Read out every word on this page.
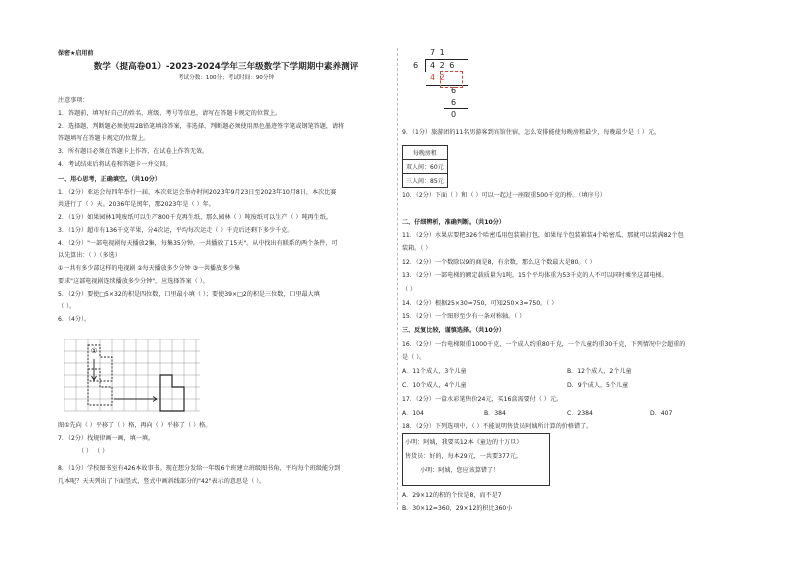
保密★启用前
数学（提高卷01）-2023-2024学年三年级数学下学期期中素养测评
考试分数：100分；考试时间：90分钟
注意事项：
1．答题前，填写好自己的姓名、班级、考号等信息，请写在答题卡规定的位置上。
2．选择题、判断题必须使用2B铅笔填涂答案，非选择、判断题必须使用黑色墨迹签字笔或钢笔答题，请将
答题填写在答题卡规定的位置上。
3．所有题目必须在答题卡上作答，在试卷上作答无效。
4．考试结束后将试卷和答题卡一并交回。
一、用心思考，正确填空。（共10分）
1．（2分）亚运会每四年举行一届，本次亚运会举办时间2023年9月23日至2023年10月8日，本次比赛
共进行了（ ）天。2036年是闰年，那2023年是（ ）年。
2．（1分）如果园林1吨废纸可以生产800千克再生纸，那么园林（ ）吨废纸可以生产（ ）吨再生纸。
3．（1分）超市有136千克苹果，分4次运，平均每次运走（ ）千克后还剩下多少千克。
4．（2分）"一部电视剧每天播放2集，每集35分钟，一共播放了15天"。从中找出有联系的两个条件，可
以先算出：（ ）（多选）
①一共有多少部这样的电视剧 ②每天播放多少分钟 ③一共播放多少集
要求"这部电视剧连续播放多少分钟"，应选择答案（ ）。
5．（2分）要使□5×32的积是四位数，口里最小填（ ）；要使39×□2的积是三位数，口里最大填
（ ）。
6．（4分）。
①
图①先向（ ）平移了（ ）格，再向（ ）平移了（ ）格。
7．（2分）找规律画一画，填一填。
（ ） （ ）
8．（1分）学校图书室有426本故事书。现在想分发给一年级6个班建立班级图书角，平均每个班级能分到
几本呢？天天列出了下面竖式，竖式中画斜线部分的"42"表示的意思是（ ）。
7 1
6 4 2 6
4 2
6
6
0
9．（1分）旅游团的11名男游客到宾馆住宿，怎么安排能使每晚房租最少，每晚最少是（ ）元。
每晚房租
双人间：60元
三人间：85元
10．（2分）下面（ ）和（ ）可以一起过一座限重500千克的桥。（填序号）
二、仔细辨析，准确判断。（共10分）
11．（2分）水果店要把326个哈密瓜用包装箱打包，如果每个包装箱装4个哈密瓜，那就可以装满82个包
装箱。（ ）
12．（2分）一个数除以9的商是8，有余数，那么这个数最大是80。（ ）
13．（2分）一部电梯的额定载质量为1吨，15个平均体重为53千克的人不可以同时乘坐这部电梯。
（ ）
14．（2分）根据25×30=750，可知250×3=750。（ ）
15．（2分）一个图形至少有一条对称轴。（ ）
三、反复比较，谨慎选择。（共10分）
16．（2分）一台电梯限重1000千克，一个成人约重80千克，一个儿童约重30千克，下列情况中会超重的
是（ ）。
A．11个成人，3个儿童	B．12个成人，2个儿童
C．10个成人，4个儿童	D．9个成人，5个儿童
17．（2分）一盒水彩笔售价24元，买16盒需要付（ ）元。
A．104	B．384	C．2384	D．407
18．（2分）下列选项中，（ ）不能说明售货员阿姨所计算的价格错了。
小明：阿姨，我要买12本《童边的十万旦》
售货员：好的，每本29元，一共要377元。
小明：阿姨，您应该算错了！
A．29×12的积的个位是8，而不是7
B．30×12=360，29×12的积比360小
